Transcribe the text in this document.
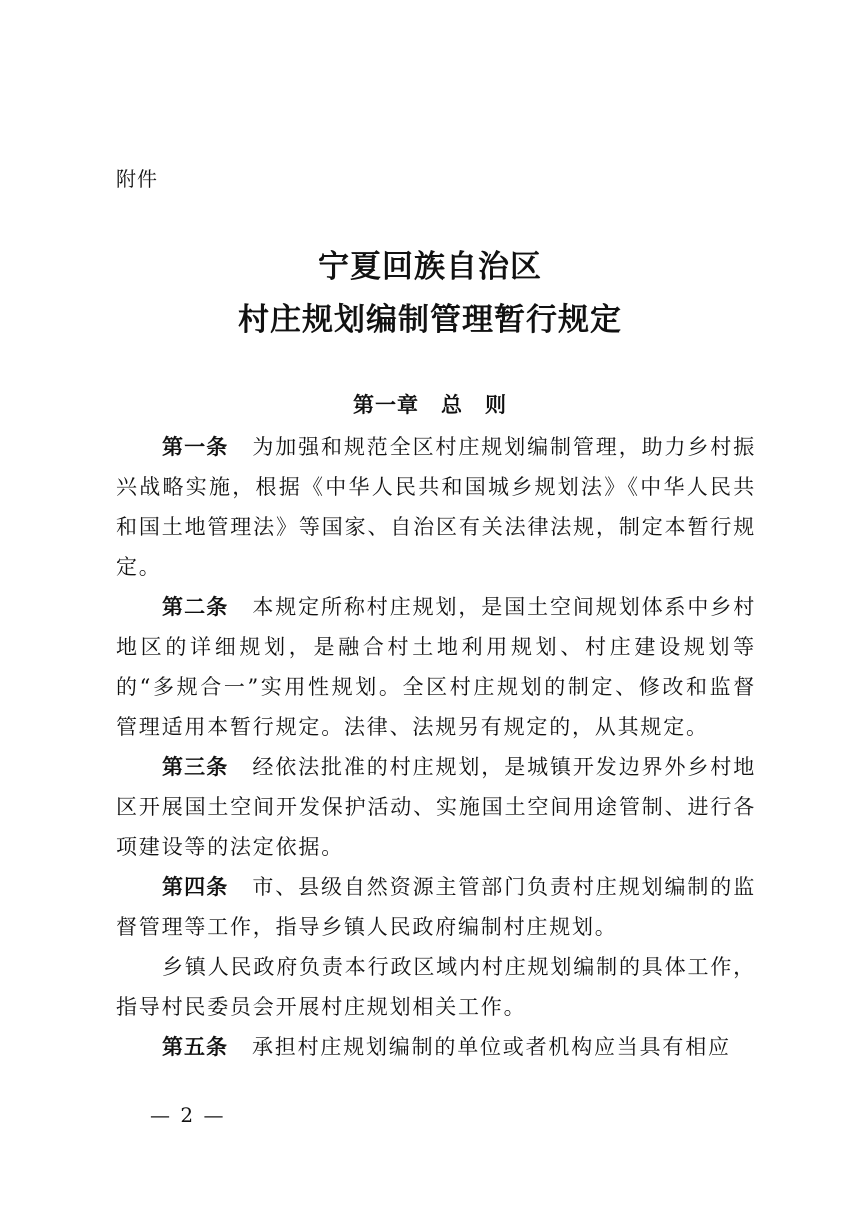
附件
宁夏回族自治区
村庄规划编制管理暂行规定
第一章　总　则

第一条 为加强和规范全区村庄规划编制管理，助力乡村振兴战略实施，根据《中华人民共和国城乡规划法》《中华人民共和国土地管理法》等国家、自治区有关法律法规，制定本暂行规定。

第二条 本规定所称村庄规划，是国土空间规划体系中乡村地区的详细规划，是融合村土地利用规划、村庄建设规划等的“多规合一”实用性规划。全区村庄规划的制定、修改和监督管理适用本暂行规定。法律、法规另有规定的，从其规定。

第三条 经依法批准的村庄规划，是城镇开发边界外乡村地区开展国土空间开发保护活动、实施国土空间用途管制、进行各项建设等的法定依据。

第四条 市、县级自然资源主管部门负责村庄规划编制的监督管理等工作，指导乡镇人民政府编制村庄规划。

乡镇人民政府负责本行政区域内村庄规划编制的具体工作，指导村民委员会开展村庄规划相关工作。

第五条 承担村庄规划编制的单位或者机构应当具有相应

— 2 —
